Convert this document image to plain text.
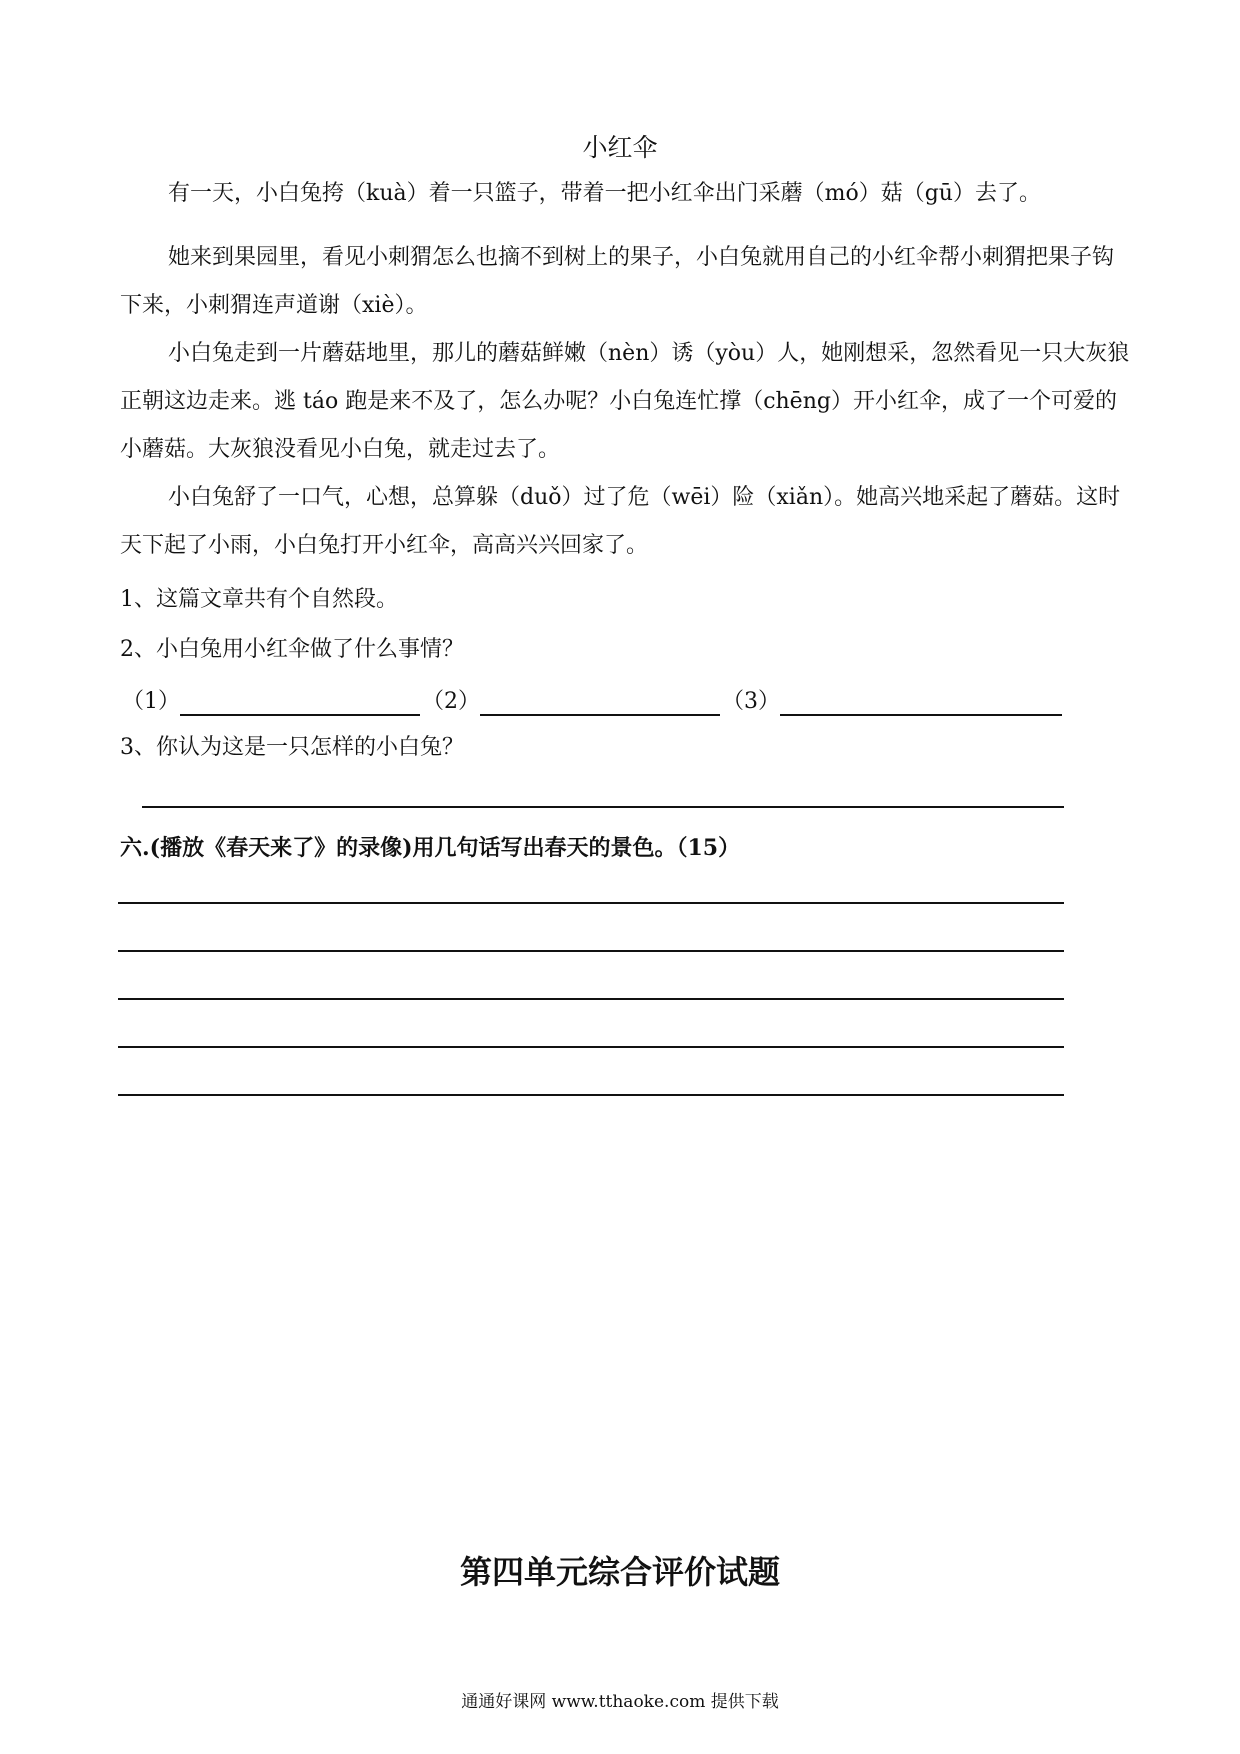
小红伞

有一天，小白兔挎（kuà）着一只篮子，带着一把小红伞出门采蘑（mó）菇（gū）去了。

她来到果园里，看见小刺猬怎么也摘不到树上的果子，小白兔就用自己的小红伞帮小刺猬把果子钩下来，小刺猬连声道谢（xiè）。

小白兔走到一片蘑菇地里，那儿的蘑菇鲜嫩（nèn）诱（yòu）人，她刚想采，忽然看见一只大灰狼正朝这边走来。逃 táo 跑是来不及了，怎么办呢？小白兔连忙撑（chēng）开小红伞，成了一个可爱的小蘑菇。大灰狼没看见小白兔，就走过去了。

小白兔舒了一口气，心想，总算躲（duǒ）过了危（wēi）险（xiǎn）。她高兴地采起了蘑菇。这时天下起了小雨，小白兔打开小红伞，高高兴兴回家了。

1、这篇文章共有个自然段。
2、小白兔用小红伞做了什么事情？
（1）	（2）	（3）
3、你认为这是一只怎样的小白兔？
六.(播放《春天来了》的录像)用几句话写出春天的景色。（15）
第四单元综合评价试题
通通好课网 www.tthaoke.com 提供下载
